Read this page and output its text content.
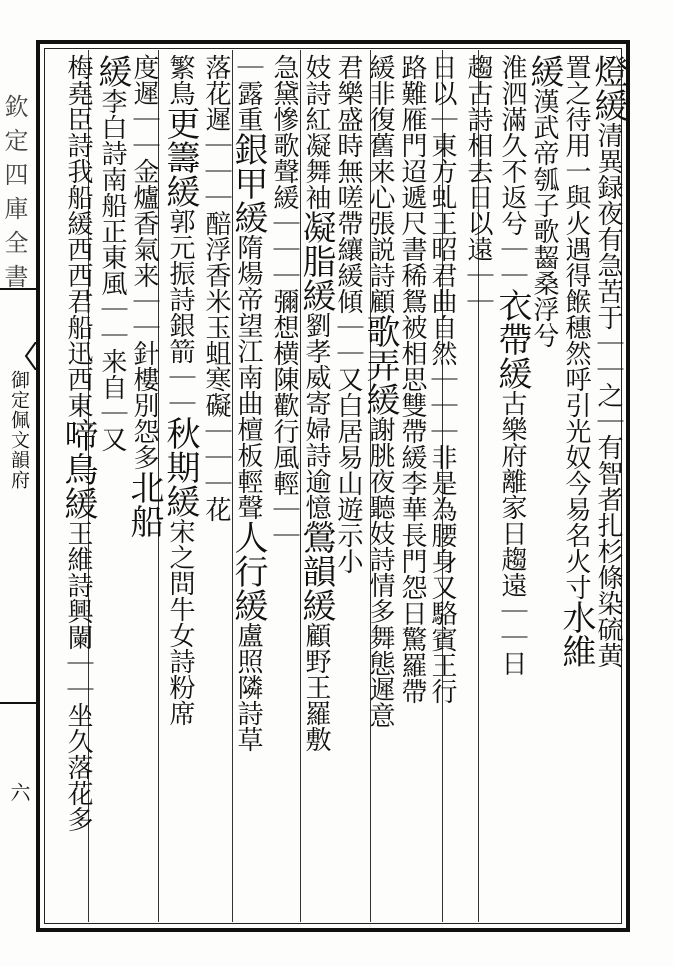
欽定四庫全書
御定佩文韻府
六
燈緩清異録夜有急苦于｜｜之｜有智者扎杉條染硫黄
置之待用一與火遇得餱穗然呼引光奴今易名火寸水維
緩漢武帝瓠子歌齧桑浮兮
淮泗滿久不返兮｜｜衣帶緩古樂府離家日趨遠｜｜日
趨古詩相去日以遠｜｜
日以｜東方虬王昭君曲自然｜｜｜非是為腰身又駱賓王行
路難雁門迢遞尺書稀鴛被相思雙帶緩李華長門怨日驚羅帶
緩非復舊来心張説詩顧歌弄緩謝朓夜聽妓詩情多舞態遲意
君樂盛時無嗟帶纕緩傾｜｜又白居易山遊示小
妓詩紅凝舞袖凝脂緩劉孝威寄婦詩逾憶鶯韻緩顧野王羅敷
急黛慘歌聲緩｜｜｜彌想横陳歡行風輕｜｜
｜露重銀甲緩隋煬帝望江南曲檀板輕聲人行緩盧照隣詩草
落花遲｜｜｜醅浮香米玉蛆寒礙｜｜｜花
繁鳥更籌緩郭元振詩銀箭｜｜秋期緩宋之問牛女詩粉席
度遲｜｜金爐香氣来｜｜針樓別怨多北船
緩李白詩南船正東風｜｜来自｜又
梅堯臣詩我船緩西西君船迅西東啼鳥緩王維詩興闌｜｜坐久落花多
